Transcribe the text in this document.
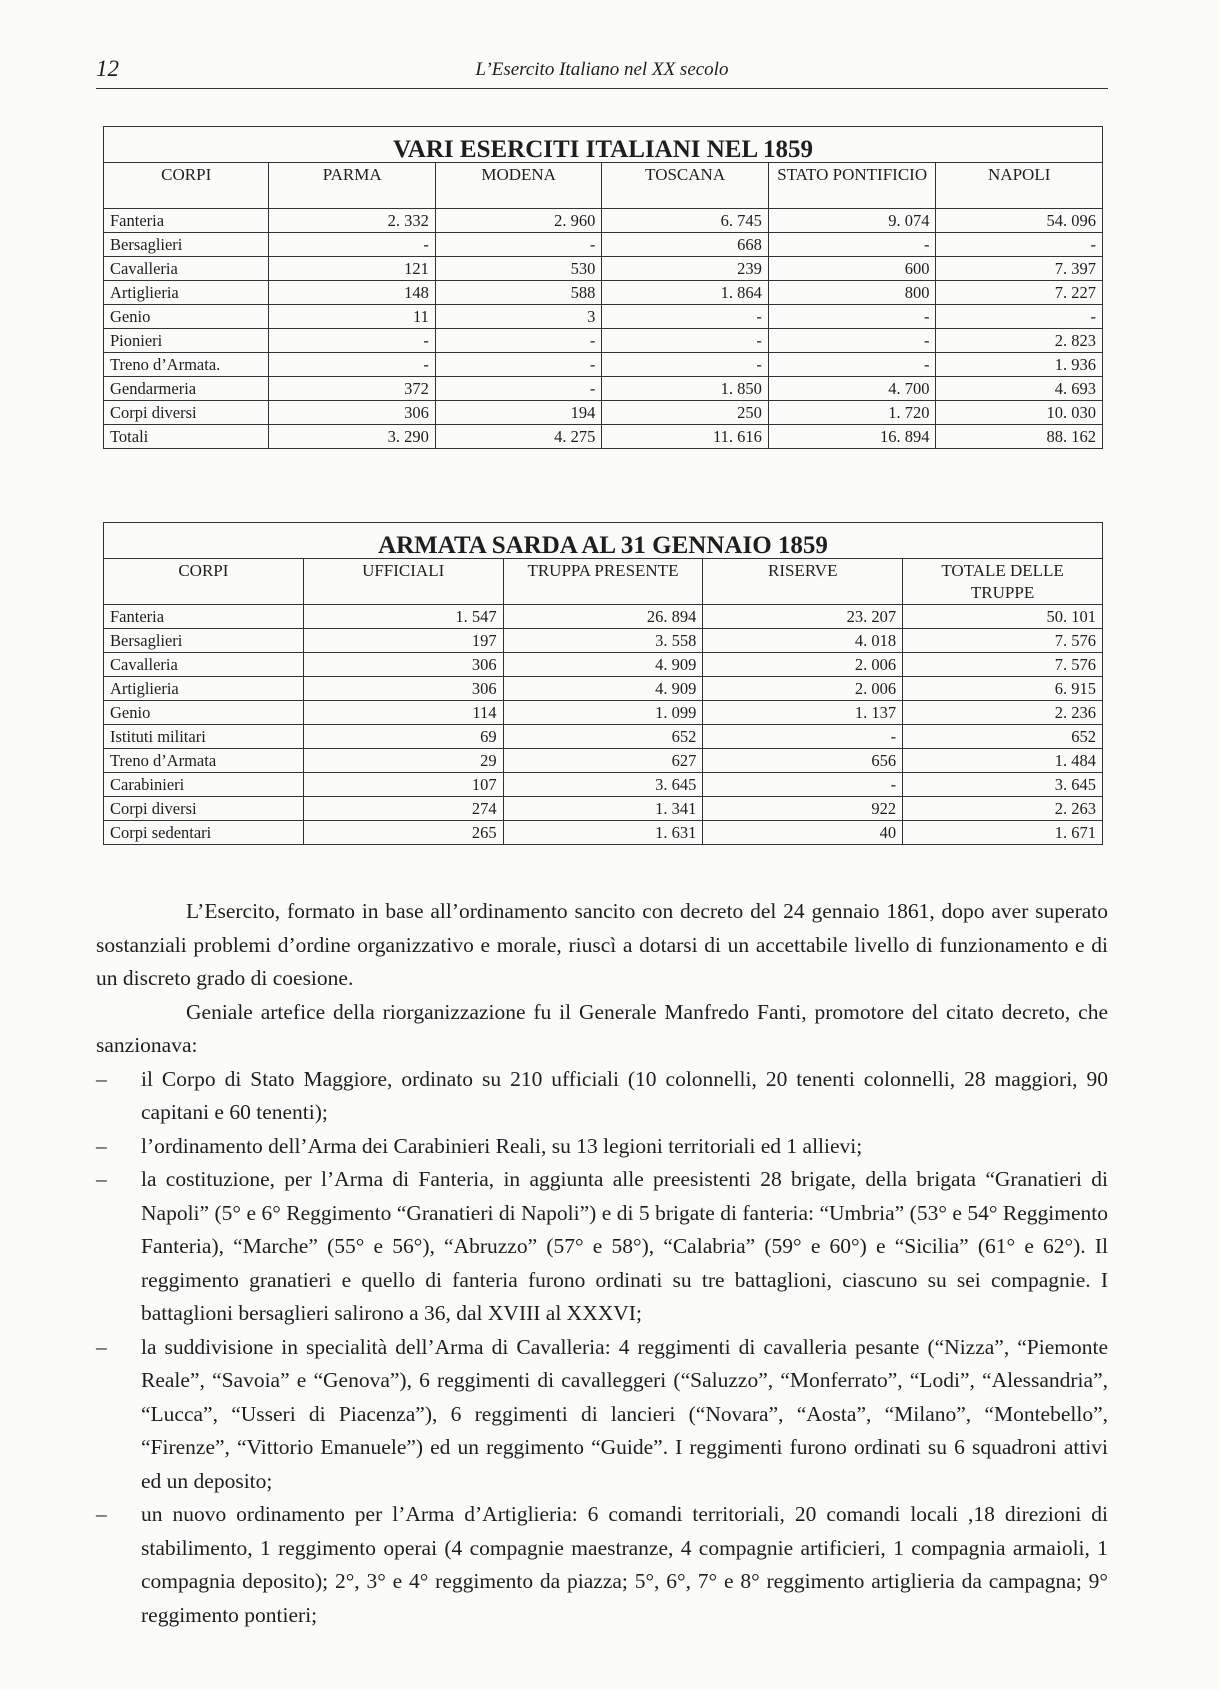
12	L’Esercito Italiano nel XX secolo
VARI ESERCITI ITALIANI NEL 1859					
CORPI	PARMA	MODENA	TOSCANA	STATO PONTIFICIO	NAPOLI
Fanteria	2. 332	2. 960	6. 745	9. 074	54. 096
Bersaglieri	-	-	668	-	-
Cavalleria	121	530	239	600	7. 397
Artiglieria	148	588	1. 864	800	7. 227
Genio	11	3	-	-	-
Pionieri	-	-	-	-	2. 823
Treno d’Armata.	-	-	-	-	1. 936
Gendarmeria	372	-	1. 850	4. 700	4. 693
Corpi diversi	306	194	250	1. 720	10. 030
Totali	3. 290	4. 275	11. 616	16. 894	88. 162
ARMATA SARDA AL 31 GENNAIO 1859				
CORPI	UFFICIALI	TRUPPA PRESENTE	RISERVE	TOTALE DELLE TRUPPE
Fanteria	1. 547	26. 894	23. 207	50. 101
Bersaglieri	197	3. 558	4. 018	7. 576
Cavalleria	306	4. 909	2. 006	7. 576
Artiglieria	306	4. 909	2. 006	6. 915
Genio	114	1. 099	1. 137	2. 236
Istituti militari	69	652	-	652
Treno d’Armata	29	627	656	1. 484
Carabinieri	107	3. 645	-	3. 645
Corpi diversi	274	1. 341	922	2. 263
Corpi sedentari	265	1. 631	40	1. 671

L’Esercito, formato in base all’ordinamento sancito con decreto del 24 gennaio 1861, dopo aver superato sostanziali problemi d’ordine organizzativo e morale, riuscì a dotarsi di un accettabile livello di funzionamento e di un discreto grado di coesione.

Geniale artefice della riorganizzazione fu il Generale Manfredo Fanti, promotore del citato decreto, che sanzionava:

– il Corpo di Stato Maggiore, ordinato su 210 ufficiali (10 colonnelli, 20 tenenti colonnelli, 28 maggiori, 90 capitani e 60 tenenti);
– l’ordinamento dell’Arma dei Carabinieri Reali, su 13 legioni territoriali ed 1 allievi;
– la costituzione, per l’Arma di Fanteria, in aggiunta alle preesistenti 28 brigate, della brigata “Granatieri di Napoli” (5° e 6° Reggimento “Granatieri di Napoli”) e di 5 brigate di fanteria: “Umbria” (53° e 54° Reggimento Fanteria), “Marche” (55° e 56°), “Abruzzo” (57° e 58°), “Calabria” (59° e 60°) e “Sicilia” (61° e 62°). Il reggimento granatieri e quello di fanteria furono ordinati su tre battaglioni, ciascuno su sei compagnie. I battaglioni bersaglieri salirono a 36, dal XVIII al XXXVI;
– la suddivisione in specialità dell’Arma di Cavalleria: 4 reggimenti di cavalleria pesante (“Nizza”, “Piemonte Reale”, “Savoia” e “Genova”), 6 reggimenti di cavalleggeri (“Saluzzo”, “Monferrato”, “Lodi”, “Alessandria”, “Lucca”, “Usseri di Piacenza”), 6 reggimenti di lancieri (“Novara”, “Aosta”, “Milano”, “Montebello”, “Firenze”, “Vittorio Emanuele”) ed un reggimento “Guide”. I reggimenti furono ordinati su 6 squadroni attivi ed un deposito;
– un nuovo ordinamento per l’Arma d’Artiglieria: 6 comandi territoriali, 20 comandi locali ,18 direzioni di stabilimento, 1 reggimento operai (4 compagnie maestranze, 4 compagnie artificieri, 1 compagnia armaioli, 1 compagnia deposito); 2°, 3° e 4° reggimento da piazza; 5°, 6°, 7° e 8° reggimento artiglieria da campagna; 9° reggimento pontieri;
